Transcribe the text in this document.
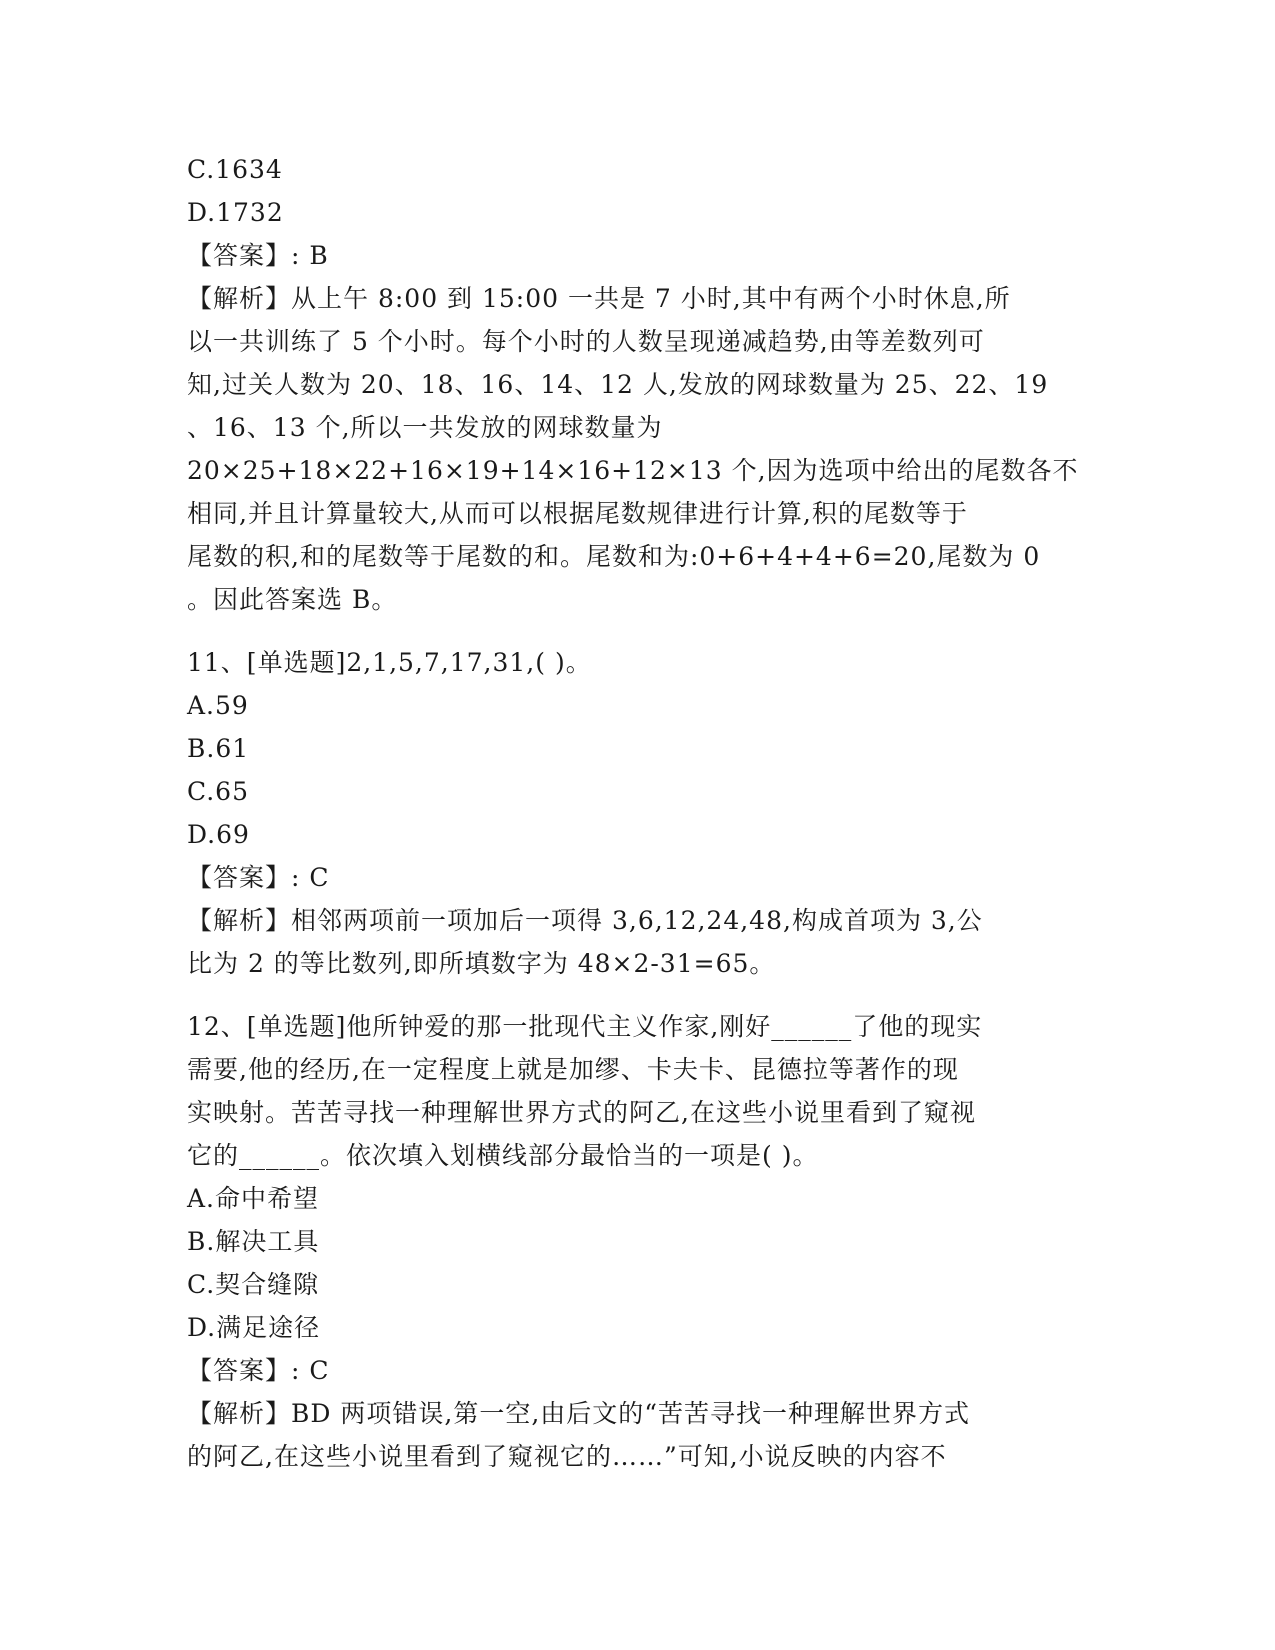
C.1634
D.1732
【答案】: B
【解析】从上午 8:00 到 15:00 一共是 7 小时,其中有两个小时休息,所
以一共训练了 5 个小时。每个小时的人数呈现递减趋势,由等差数列可
知,过关人数为 20、18、16、14、12 人,发放的网球数量为 25、22、19
、16、13 个,所以一共发放的网球数量为
20×25+18×22+16×19+14×16+12×13 个,因为选项中给出的尾数各不
相同,并且计算量较大,从而可以根据尾数规律进行计算,积的尾数等于
尾数的积,和的尾数等于尾数的和。尾数和为:0+6+4+4+6=20,尾数为 0
。因此答案选 B。
11、[单选题]2,1,5,7,17,31,( )。
A.59
B.61
C.65
D.69
【答案】: C
【解析】相邻两项前一项加后一项得 3,6,12,24,48,构成首项为 3,公
比为 2 的等比数列,即所填数字为 48×2-31=65。
12、[单选题]他所钟爱的那一批现代主义作家,刚好______了他的现实
需要,他的经历,在一定程度上就是加缪、卡夫卡、昆德拉等著作的现
实映射。苦苦寻找一种理解世界方式的阿乙,在这些小说里看到了窥视
它的______。依次填入划横线部分最恰当的一项是( )。
A.命中希望
B.解决工具
C.契合缝隙
D.满足途径
【答案】: C
【解析】BD 两项错误,第一空,由后文的“苦苦寻找一种理解世界方式
的阿乙,在这些小说里看到了窥视它的……”可知,小说反映的内容不
